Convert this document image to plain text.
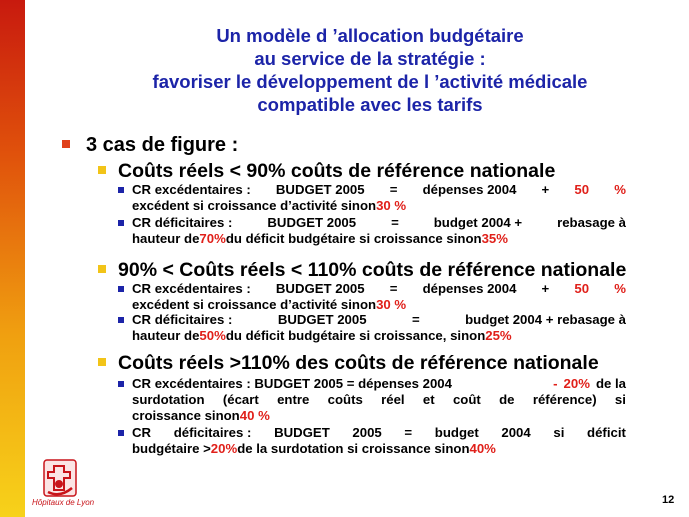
Un modèle d ’allocation budgétaire
au service de la stratégie :
favoriser le développement de l ’activité médicale
compatible avec les tarifs
3 cas de figure :
Coûts réels < 90% coûts de référence nationale
CR excédentaires : BUDGET 2005 = dépenses 2004 + 50 %
excédent si croissance d’activité sinon 30 %
CR déficitaires :	BUDGET 2005	=	budget 2004 +	rebasage à
hauteur de 70% du déficit budgétaire si croissance sinon 35%
90% < Coûts réels < 110% coûts de référence nationale
CR excédentaires : BUDGET 2005 = dépenses 2004 + 50 %
excédent si croissance d’activité sinon 30 %
CR déficitaires :	BUDGET 2005	=	budget 2004 + rebasage à
hauteur de 50% du déficit budgétaire si croissance, sinon 25%
Coûts réels >110% des coûts de référence nationale
CR excédentaires : BUDGET 2005 = dépenses 2004	- 20% de la
surdotation (écart entre coûts réel et coût de référence) si
croissance sinon 40 %
CR déficitaires : BUDGET 2005 = budget 2004 si déficit
budgétaire > 20% de la surdotation si croissance sinon 40%
Hôpitaux de Lyon	12
